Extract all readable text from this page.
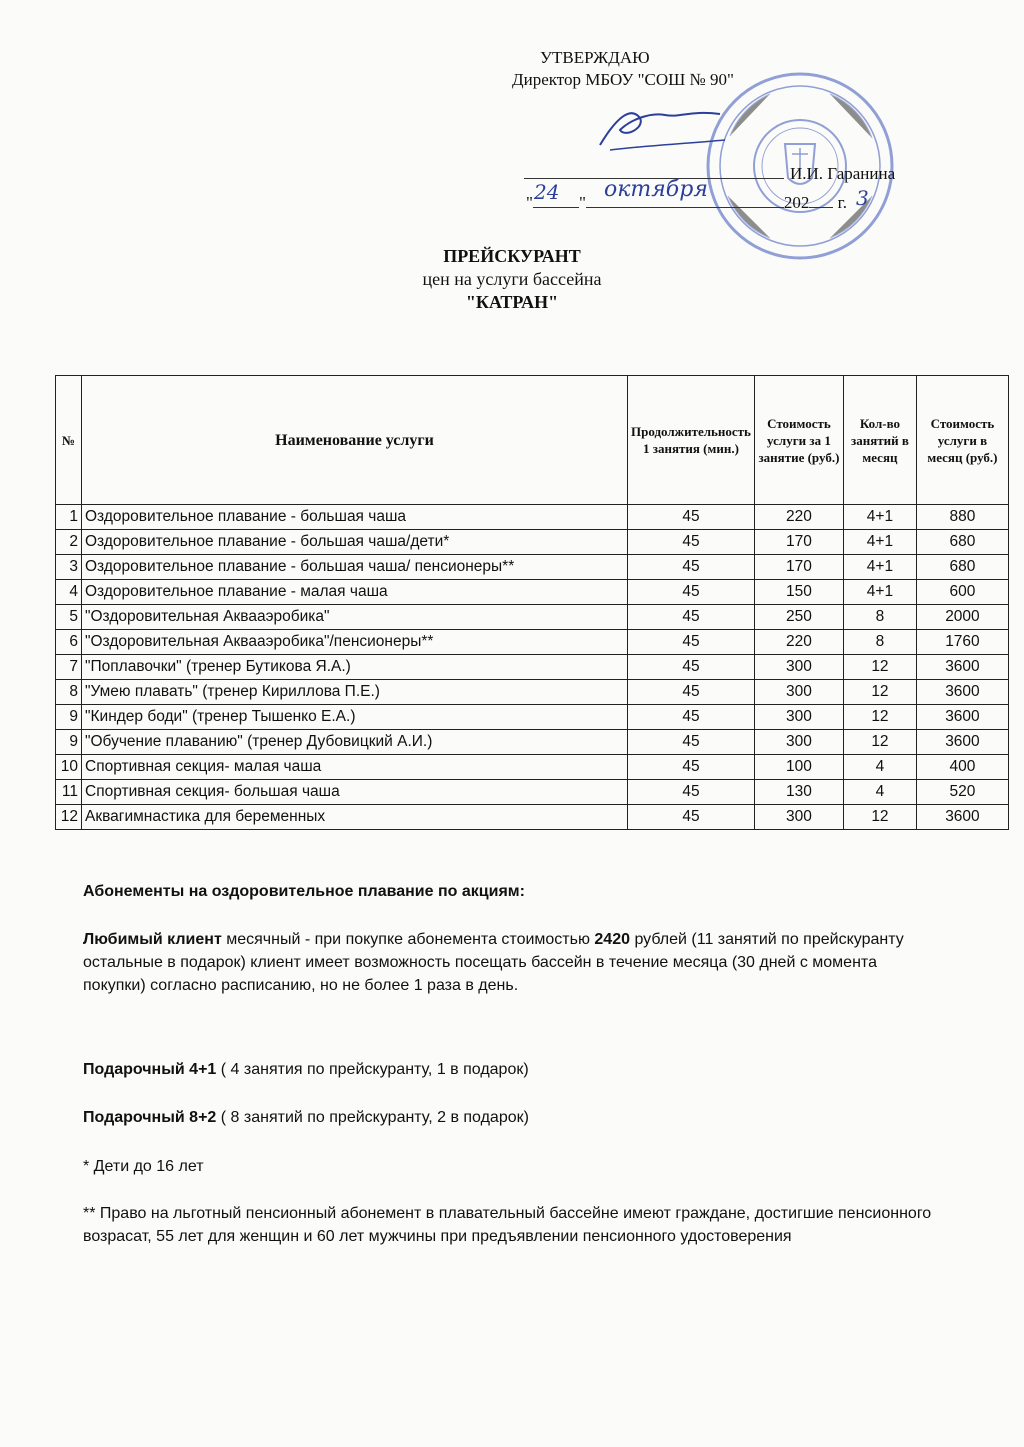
УТВЕРЖДАЮ
Директор МБОУ "СОШ № 90"
И.И. Гаранина
"	"	202 г.
24 октября	3
ПРЕЙСКУРАНТ
цен на услуги бассейна
"КАТРАН"
№	Наименование услуги	Продолжительность 1 занятия (мин.)	Стоимость услуги за 1 занятие (руб.)	Кол-во занятий в месяц	Стоимость услуги в месяц (руб.)
1	Оздоровительное плавание - большая чаша	45	220	4+1	880
2	Оздоровительное плавание - большая чаша/дети*	45	170	4+1	680
3	Оздоровительное плавание - большая чаша/ пенсионеры**	45	170	4+1	680
4	Оздоровительное плавание - малая чаша	45	150	4+1	600
5	"Оздоровительная Аквааэробика"	45	250	8	2000
6	"Оздоровительная Аквааэробика"/пенсионеры**	45	220	8	1760
7	"Поплавочки" (тренер Бутикова Я.А.)	45	300	12	3600
8	"Умею плавать" (тренер Кириллова П.Е.)	45	300	12	3600
9	"Киндер боди" (тренер Тышенко Е.А.)	45	300	12	3600
9	"Обучение плаванию" (тренер Дубовицкий А.И.)	45	300	12	3600
10	Спортивная секция- малая чаша	45	100	4	400
11	Спортивная секция- большая чаша	45	130	4	520
12	Аквагимнастика для беременных	45	300	12	3600

Абонементы на оздоровительное плавание по акциям:

Любимый клиент месячный - при покупке абонемента стоимостью 2420 рублей (11 занятий по прейскуранту остальные в подарок) клиент имеет возможность посещать бассейн в течение месяца (30 дней с момента покупки) согласно расписанию, но не более 1 раза в день.

Подарочный 4+1 ( 4 занятия по прейскуранту, 1 в подарок)

Подарочный 8+2 ( 8 занятий по прейскуранту, 2 в подарок)

* Дети до 16 лет

** Право на льготный пенсионный абонемент в плавательный бассейне имеют граждане, достигшие пенсионного возрасат, 55 лет для женщин и 60 лет мужчины при предъявлении пенсионного удостоверения
